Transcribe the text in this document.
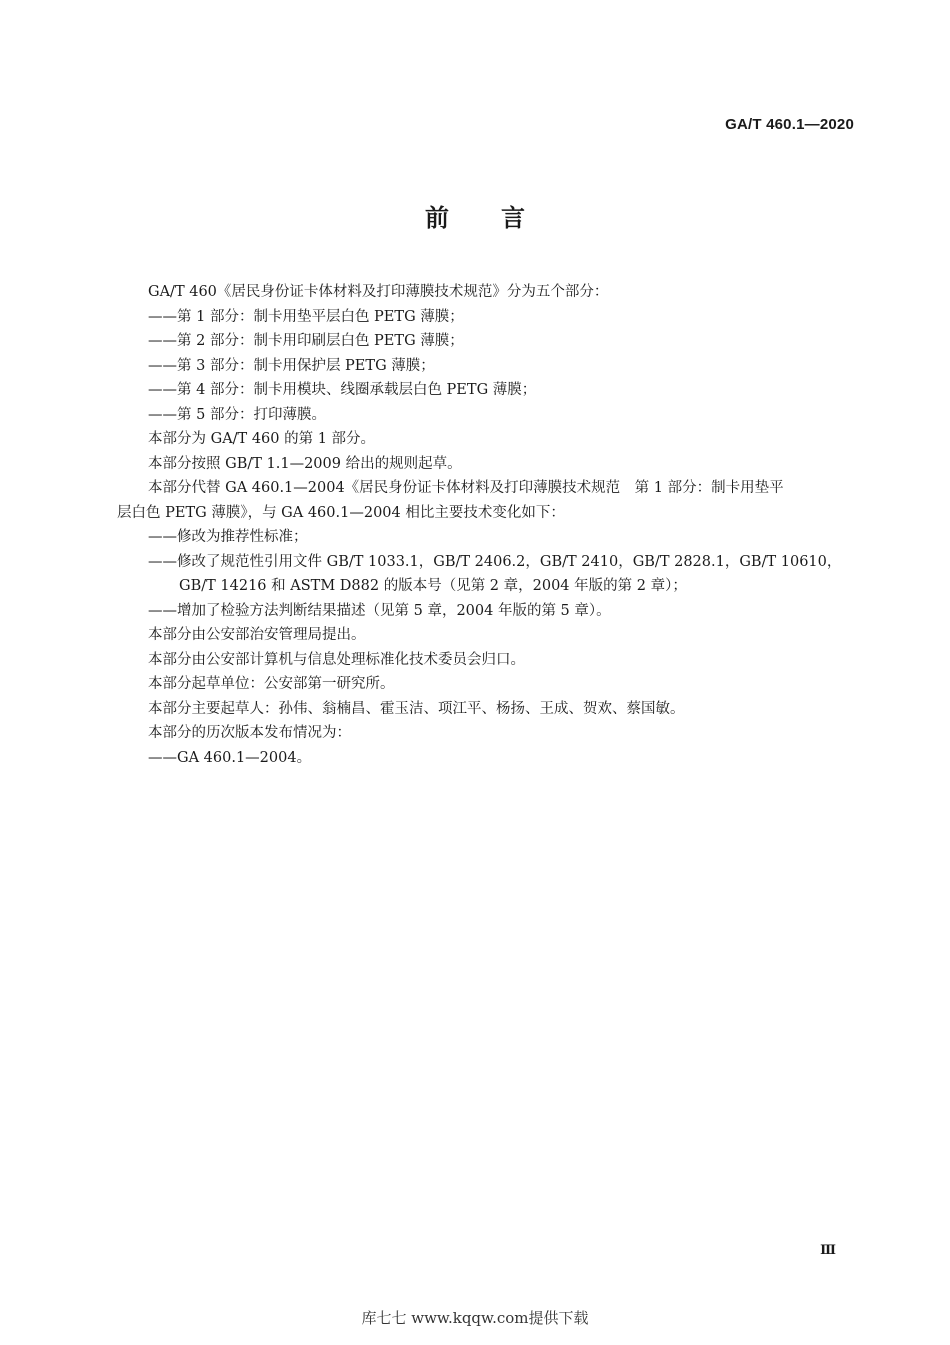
GA/T 460.1—2020
前言
GA/T 460《居民身份证卡体材料及打印薄膜技术规范》分为五个部分：
——第 1 部分：制卡用垫平层白色 PETG 薄膜；
——第 2 部分：制卡用印刷层白色 PETG 薄膜；
——第 3 部分：制卡用保护层 PETG 薄膜；
——第 4 部分：制卡用模块、线圈承载层白色 PETG 薄膜；
——第 5 部分：打印薄膜。
本部分为 GA/T 460 的第 1 部分。
本部分按照 GB/T 1.1—2009 给出的规则起草。
本部分代替 GA 460.1—2004《居民身份证卡体材料及打印薄膜技术规范　第 1 部分：制卡用垫平
层白色 PETG 薄膜》，与 GA 460.1—2004 相比主要技术变化如下：
——修改为推荐性标准；
——修改了规范性引用文件 GB/T 1033.1，GB/T 2406.2，GB/T 2410，GB/T 2828.1，GB/T 10610，
GB/T 14216 和 ASTM D882 的版本号（见第 2 章，2004 年版的第 2 章）；
——增加了检验方法判断结果描述（见第 5 章，2004 年版的第 5 章）。
本部分由公安部治安管理局提出。
本部分由公安部计算机与信息处理标准化技术委员会归口。
本部分起草单位：公安部第一研究所。
本部分主要起草人：孙伟、翁楠昌、霍玉洁、项江平、杨扬、王成、贺欢、蔡国敏。
本部分的历次版本发布情况为：
——GA 460.1—2004。
Ⅲ
库七七 www.kqqw.com提供下载
